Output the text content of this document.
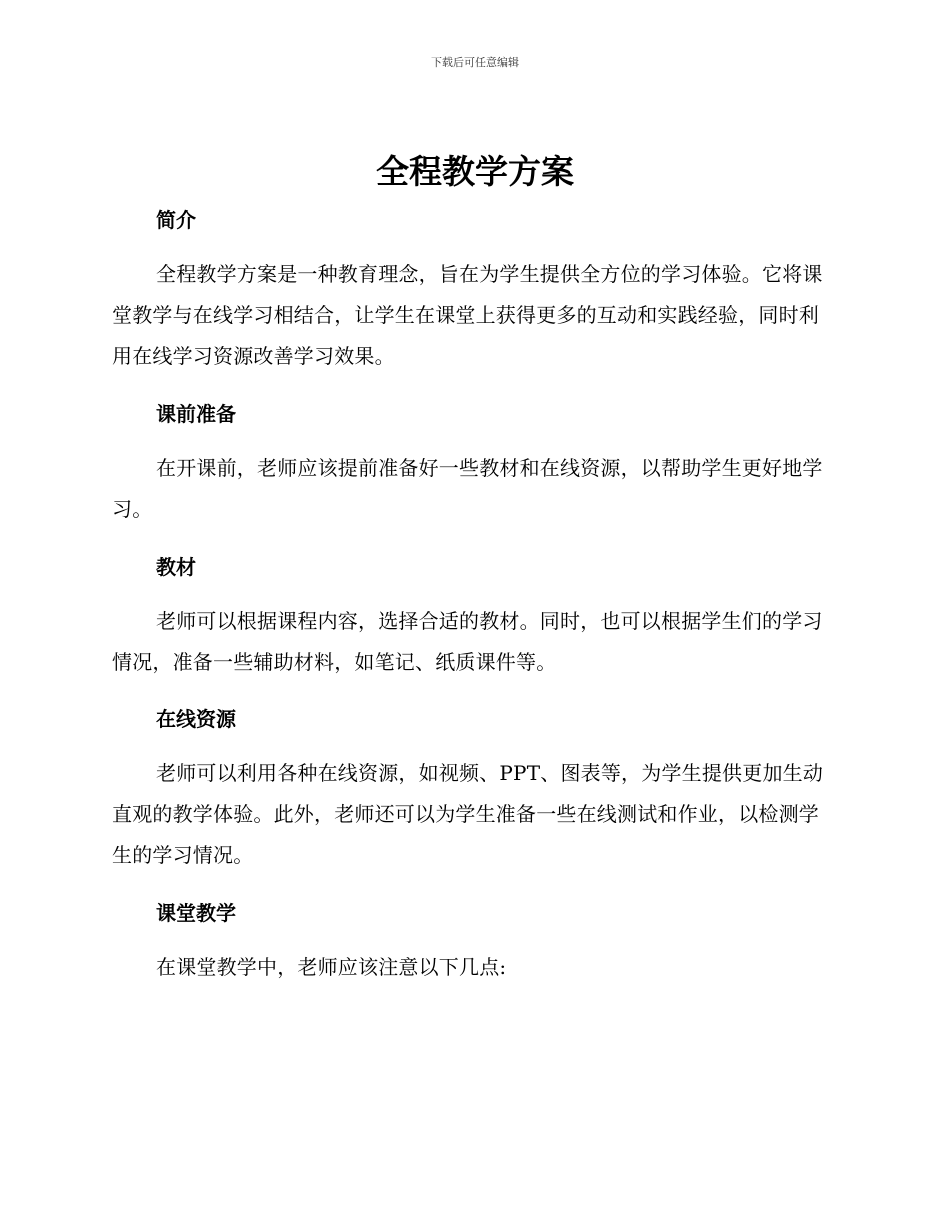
下载后可任意编辑
全程教学方案
简介

全程教学方案是一种教育理念，旨在为学生提供全方位的学习体验。它将课堂教学与在线学习相结合，让学生在课堂上获得更多的互动和实践经验，同时利用在线学习资源改善学习效果。

课前准备

在开课前，老师应该提前准备好一些教材和在线资源，以帮助学生更好地学习。

教材

老师可以根据课程内容，选择合适的教材。同时，也可以根据学生们的学习情况，准备一些辅助材料，如笔记、纸质课件等。

在线资源

老师可以利用各种在线资源，如视频、PPT、图表等，为学生提供更加生动直观的教学体验。此外，老师还可以为学生准备一些在线测试和作业，以检测学生的学习情况。

课堂教学

在课堂教学中，老师应该注意以下几点:
